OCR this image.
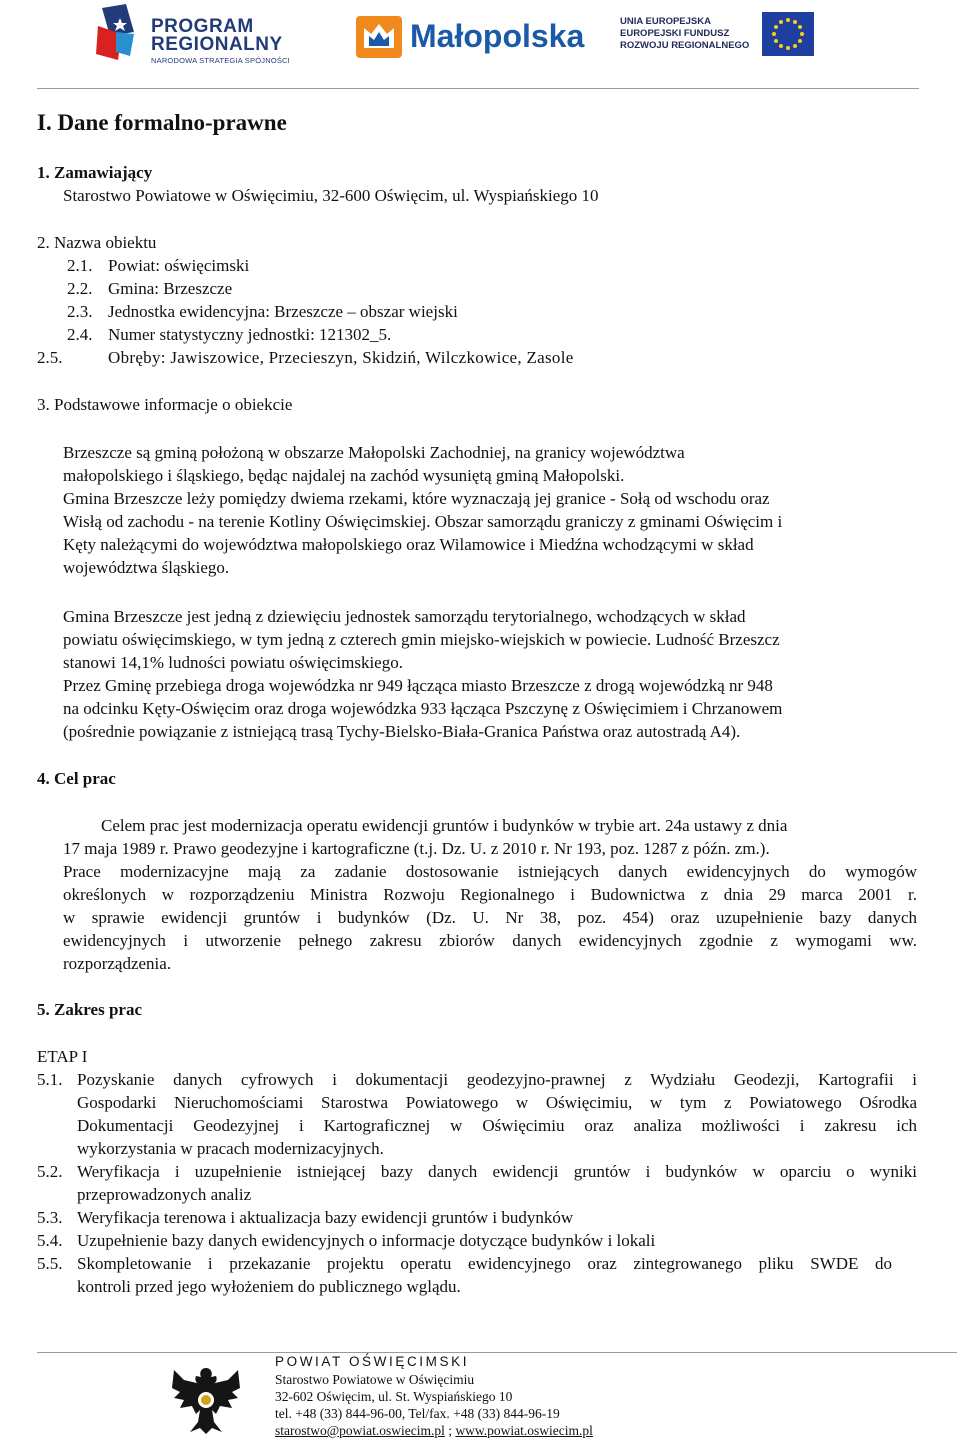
PROGRAM
REGIONALNY
NARODOWA STRATEGIA SPÓJNOŚCI
Małopolska	UNIA EUROPEJSKA
EUROPEJSKI FUNDUSZ
ROZWOJU REGIONALNEGO
I. Dane formalno-prawne
1. Zamawiający
Starostwo Powiatowe w Oświęcimiu, 32-600 Oświęcim, ul. Wyspiańskiego 10
2. Nazwa obiektu
2.1. Powiat: oświęcimski
2.2. Gmina: Brzeszcze
2.3. Jednostka ewidencyjna: Brzeszcze – obszar wiejski
2.4. Numer statystyczny jednostki: 121302_5.
2.5.	Obręby: Jawiszowice, Przecieszyn, Skidziń, Wilczkowice, Zasole
3. Podstawowe informacje o obiekcie
Brzeszcze są gminą położoną w obszarze Małopolski Zachodniej, na granicy województwa
małopolskiego i śląskiego, będąc najdalej na zachód wysuniętą gminą Małopolski.
Gmina Brzeszcze leży pomiędzy dwiema rzekami, które wyznaczają jej granice - Sołą od wschodu oraz
Wisłą od zachodu - na terenie Kotliny Oświęcimskiej. Obszar samorządu graniczy z gminami Oświęcim i
Kęty należącymi do województwa małopolskiego oraz Wilamowice i Miedźna wchodzącymi w skład
województwa śląskiego.
Gmina Brzeszcze jest jedną z dziewięciu jednostek samorządu terytorialnego, wchodzących w skład
powiatu oświęcimskiego, w tym jedną z czterech gmin miejsko-wiejskich w powiecie. Ludność Brzeszcz
stanowi 14,1% ludności powiatu oświęcimskiego.
Przez Gminę przebiega droga wojewódzka nr 949 łącząca miasto Brzeszcze z drogą wojewódzką nr 948
na odcinku Kęty-Oświęcim oraz droga wojewódzka 933 łącząca Pszczynę z Oświęcimiem i Chrzanowem
(pośrednie powiązanie z istniejącą trasą Tychy-Bielsko-Biała-Granica Państwa oraz autostradą A4).
4. Cel prac
Celem prac jest modernizacja operatu ewidencji gruntów i budynków w trybie art. 24a ustawy z dnia
17 maja 1989 r. Prawo geodezyjne i kartograficzne (t.j. Dz. U. z 2010 r. Nr 193, poz. 1287 z późn. zm.).
Prace modernizacyjne mają za zadanie dostosowanie istniejących danych ewidencyjnych do wymogów
określonych w rozporządzeniu Ministra Rozwoju Regionalnego i Budownictwa z dnia 29 marca 2001 r.
w sprawie ewidencji gruntów i budynków (Dz. U. Nr 38, poz. 454) oraz uzupełnienie bazy danych
ewidencyjnych i utworzenie pełnego zakresu zbiorów danych ewidencyjnych zgodnie z wymogami ww.
rozporządzenia.
5. Zakres prac
ETAP I
5.1. Pozyskanie danych cyfrowych i dokumentacji geodezyjno-prawnej z Wydziału Geodezji, Kartografii i
Gospodarki Nieruchomościami Starostwa Powiatowego w Oświęcimiu, w tym z Powiatowego Ośrodka
Dokumentacji Geodezyjnej i Kartograficznej w Oświęcimiu oraz analiza możliwości i zakresu ich
wykorzystania w pracach modernizacyjnych.
5.2. Weryfikacja i uzupełnienie istniejącej bazy danych ewidencji gruntów i budynków w oparciu o wyniki
przeprowadzonych analiz
5.3. Weryfikacja terenowa i aktualizacja bazy ewidencji gruntów i budynków
5.4. Uzupełnienie bazy danych ewidencyjnych o informacje dotyczące budynków i lokali
5.5. Skompletowanie i przekazanie projektu operatu ewidencyjnego oraz zintegrowanego pliku SWDE do
kontroli przed jego wyłożeniem do publicznego wglądu.
POWIAT OŚWIĘCIMSKI
Starostwo Powiatowe w Oświęcimiu
32-602 Oświęcim, ul. St. Wyspiańskiego 10
tel. +48 (33) 844-96-00, Tel/fax. +48 (33) 844-96-19
starostwo@powiat.oswiecim.pl ; www.powiat.oswiecim.pl
